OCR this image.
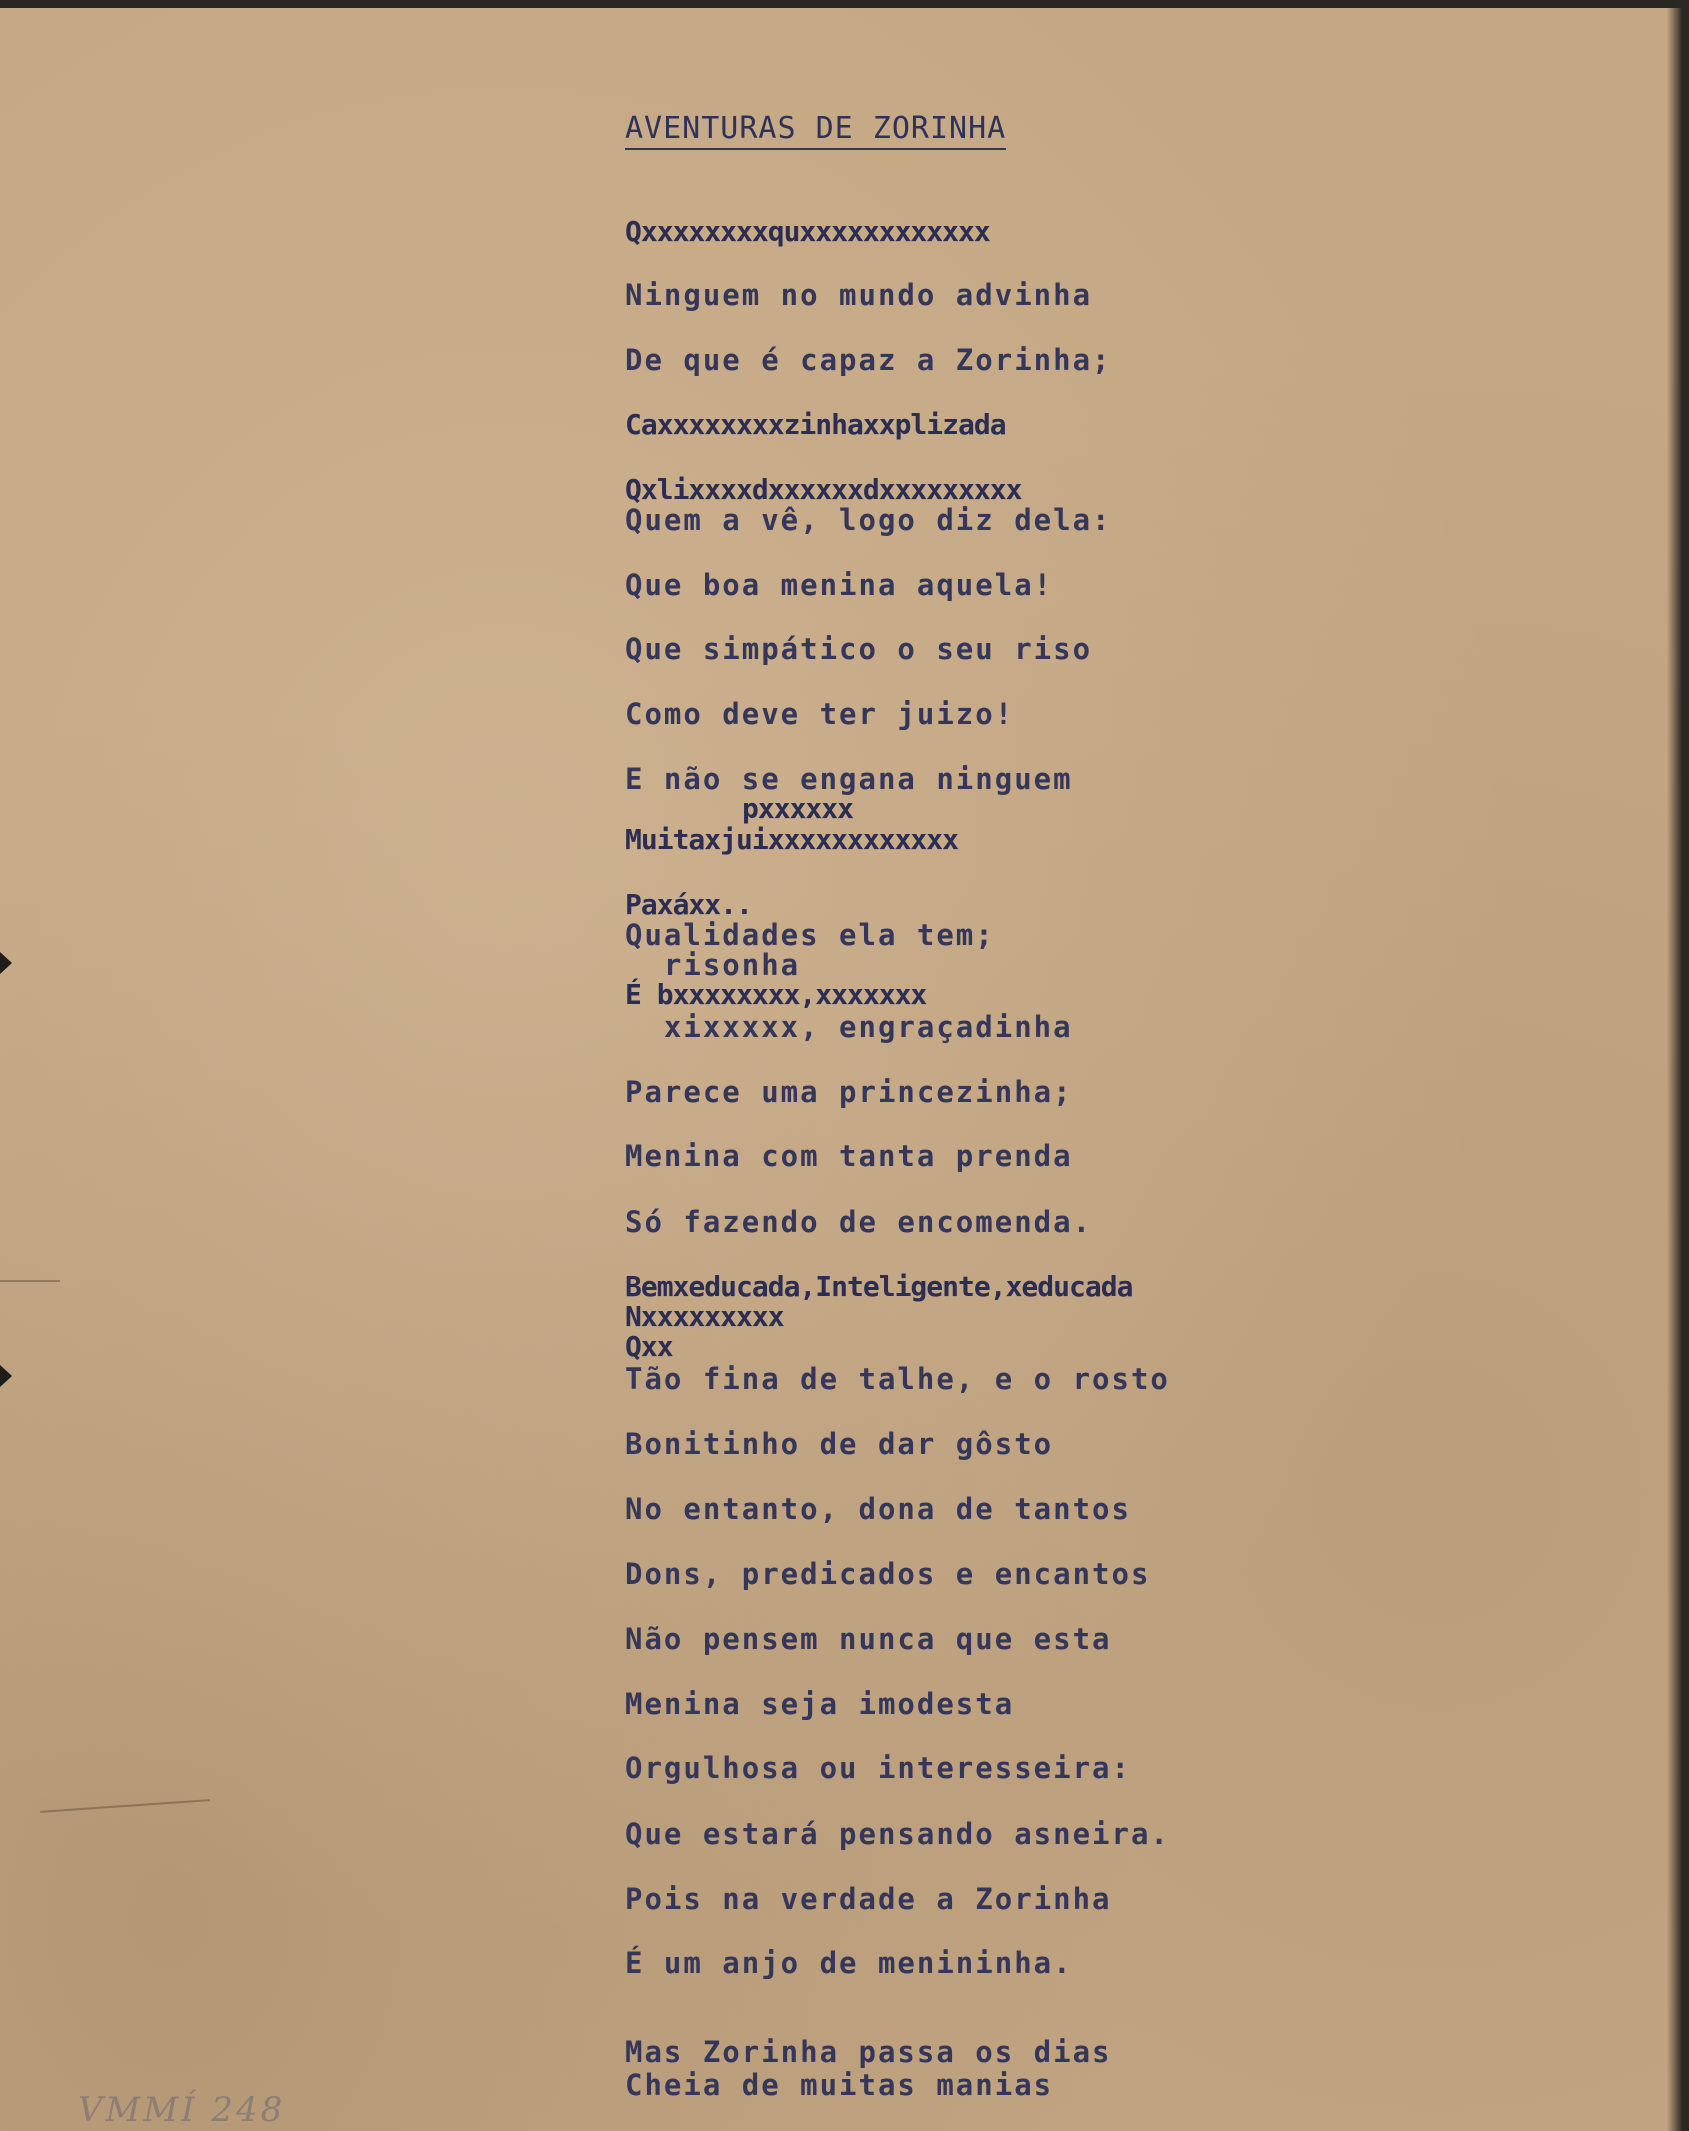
AVENTURAS DE ZORINHA
Qxxxxxxxxquxxxxxxxxxxxx
Ninguem no mundo advinha
De que é capaz a Zorinha;
Caxxxxxxxxzinhaxxplizada
Qxlixxxxdxxxxxxdxxxxxxxxx
Quem a vê, logo diz dela:
Que boa menina aquela!
Que simpático o seu riso
Como deve ter juizo!
E não se engana ninguem
pxxxxxx
Muitaxjuixxxxxxxxxxxx
Paxáxx..
Qualidades ela tem;
risonha
É bxxxxxxxx,xxxxxxx
xixxxxx, engraçadinha
Parece uma princezinha;
Menina com tanta prenda
Só fazendo de encomenda.
Bemxeducada,Inteligente,xeducada
Nxxxxxxxxx
Qxx
Tão fina de talhe, e o rosto
Bonitinho de dar gôsto
No entanto, dona de tantos
Dons, predicados e encantos
Não pensem nunca que esta
Menina seja imodesta
Orgulhosa ou interesseira:
Que estará pensando asneira.
Pois na verdade a Zorinha
É um anjo de menininha.
Mas Zorinha passa os dias
Cheia de muitas manias
VMMÍ 248
